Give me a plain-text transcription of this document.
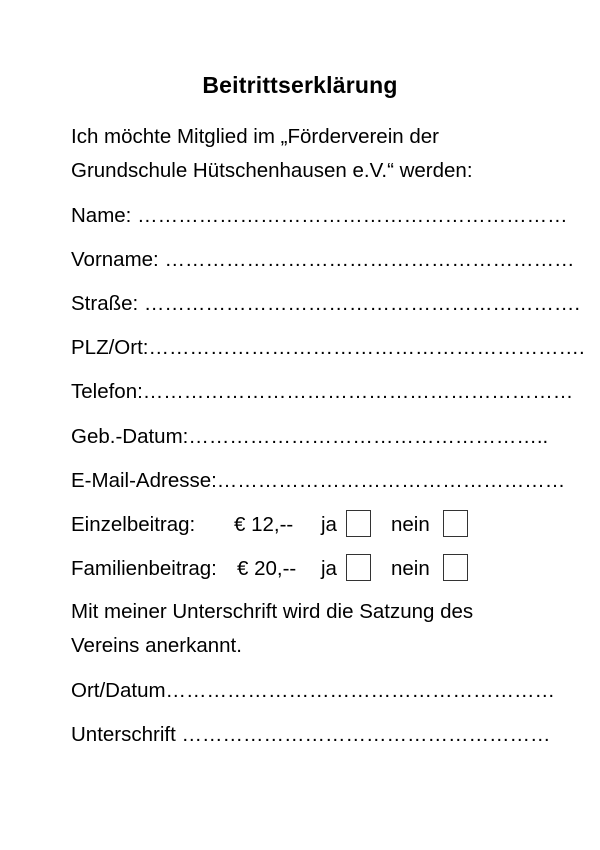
Beitrittserklärung
Ich möchte Mitglied im „Förderverein der
Grundschule Hütschenhausen e.V.“ werden:
Name: ………………………………………………………
Vorname: ……………………………………………………
Straße: ……………………………………………………….
PLZ/Ort:……………………………………………………….
Telefon:………………………………………………………
Geb.-Datum:……………………………………………..
E-Mail-Adresse:……………………………………………
Einzelbeitrag: € 12,-- ja	nein
Familienbeitrag: € 20,-- ja	nein
Mit meiner Unterschrift wird die Satzung des
Vereins anerkannt.
Ort/Datum…………………………………………………
Unterschrift ………………………………………………
